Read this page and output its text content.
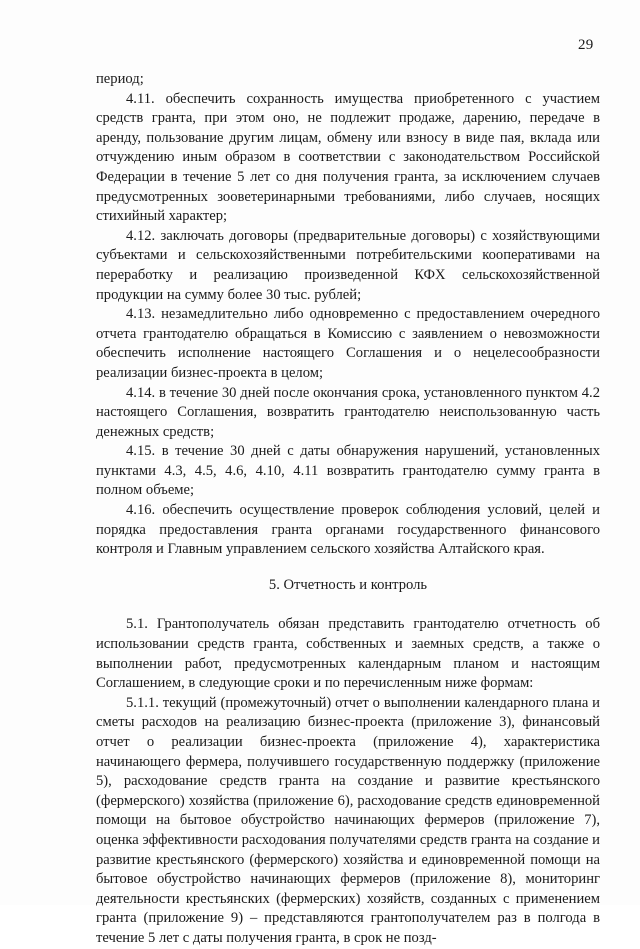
29

период;

4.11. обеспечить сохранность имущества приобретенного с участием средств гранта, при этом оно, не подлежит продаже, дарению, передаче в аренду, пользование другим лицам, обмену или взносу в виде пая, вклада или отчуждению иным образом в соответствии с законодательством Российской Федерации в течение 5 лет со дня получения гранта, за исключением случаев предусмотренных зооветеринарными требованиями, либо случаев, носящих стихийный характер;

4.12. заключать договоры (предварительные договоры) с хозяйствующими субъектами и сельскохозяйственными потребительскими кооперативами на переработку и реализацию произведенной КФХ сельскохозяйственной продукции на сумму более 30 тыс. рублей;

4.13. незамедлительно либо одновременно с предоставлением очередного отчета грантодателю обращаться в Комиссию с заявлением о невозможности обеспечить исполнение настоящего Соглашения и о нецелесообразности реализации бизнес-проекта в целом;

4.14. в течение 30 дней после окончания срока, установленного пунктом 4.2 настоящего Соглашения, возвратить грантодателю неиспользованную часть денежных средств;

4.15. в течение 30 дней с даты обнаружения нарушений, установленных пунктами 4.3, 4.5, 4.6, 4.10, 4.11 возвратить грантодателю сумму гранта в полном объеме;

4.16. обеспечить осуществление проверок соблюдения условий, целей и порядка предоставления гранта органами государственного финансового контроля и Главным управлением сельского хозяйства Алтайского края.

5. Отчетность и контроль

5.1. Грантополучатель обязан представить грантодателю отчетность об использовании средств гранта, собственных и заемных средств, а также о выполнении работ, предусмотренных календарным планом и настоящим Соглашением, в следующие сроки и по перечисленным ниже формам:

5.1.1. текущий (промежуточный) отчет о выполнении календарного плана и сметы расходов на реализацию бизнес-проекта (приложение 3), финансовый отчет о реализации бизнес-проекта (приложение 4), характеристика начинающего фермера, получившего государственную поддержку (приложение 5), расходование средств гранта на создание и развитие крестьянского (фермерского) хозяйства (приложение 6), расходование средств единовременной помощи на бытовое обустройство начинающих фермеров (приложение 7), оценка эффективности расходования получателями средств гранта на создание и развитие крестьянского (фермерского) хозяйства и единовременной помощи на бытовое обустройство начинающих фермеров (приложение 8), мониторинг деятельности крестьянских (фермерских) хозяйств, созданных с применением гранта (приложение 9) – представляются грантополучателем раз в полгода в течение 5 лет с даты получения гранта, в срок не позд-
